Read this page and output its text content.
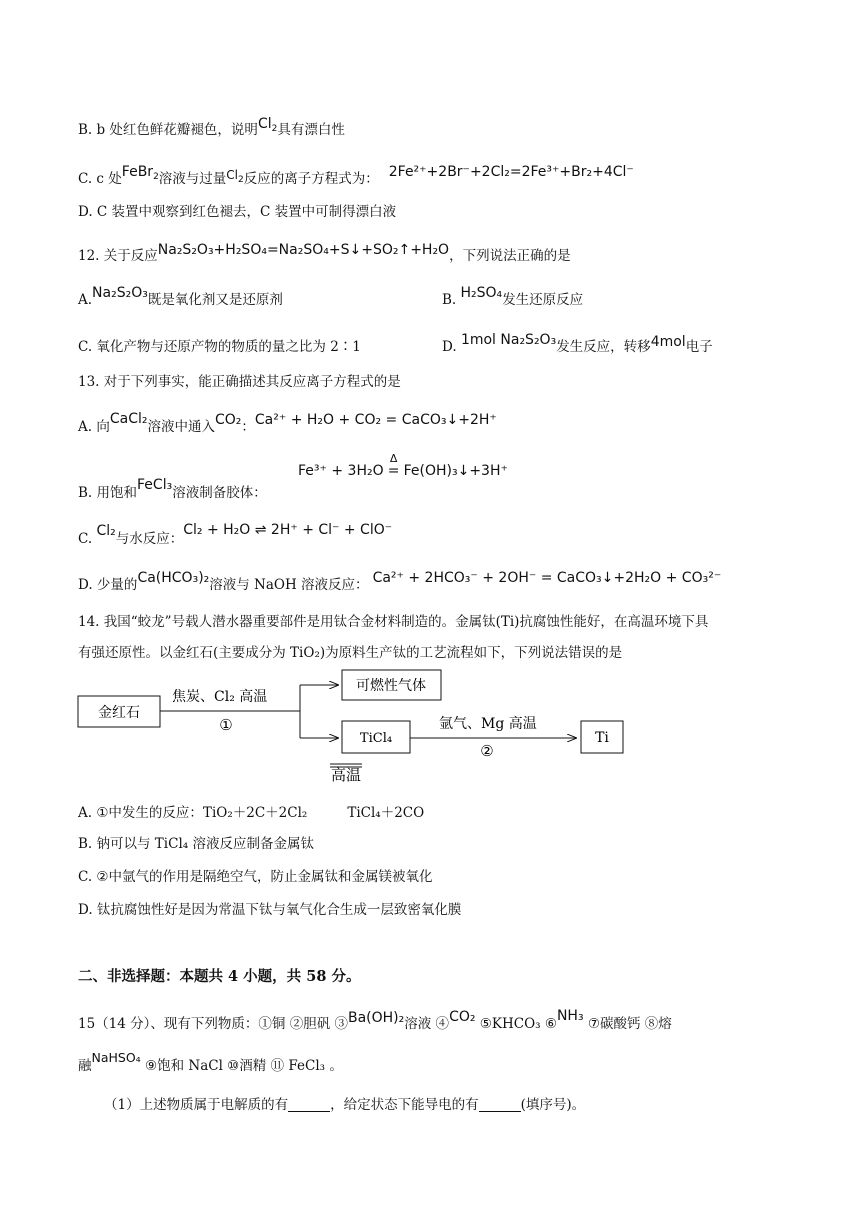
B. b 处红色鲜花瓣褪色，说明$Cl_2$具有漂白性
C. c 处FeBr$_2$溶液与过量$Cl_2$反应的离子方程式为： 2Fe²⁺+2Br⁻+2Cl₂=2Fe³⁺+Br₂+4Cl⁻
D. C 装置中观察到红色褪去，C 装置中可制得漂白液
12. 关于反应Na₂S₂O₃+H₂SO₄=Na₂SO₄+S↓+SO₂↑+H₂O，下列说法正确的是
A.Na₂S₂O₃既是氧化剂又是还原剂	B. H₂SO₄发生还原反应
C. 氧化产物与还原产物的物质的量之比为 2∶1	D. 1mol Na₂S₂O₃发生反应，转移4mol电子
13. 对于下列事实，能正确描述其反应离子方程式的是
A. 向CaCl₂溶液中通入CO₂：Ca²⁺ + H₂O + CO₂ = CaCO₃↓+2H⁺
B. 用饱和FeCl₃溶液制备胶体：
Fe³⁺ + 3H₂O
Δ
= Fe(OH)₃↓+3H⁺
C. Cl₂与水反应：Cl₂ + H₂O ⇌ 2H⁺ + Cl⁻ + ClO⁻
D. 少量的Ca(HCO₃)₂溶液与 NaOH 溶液反应： Ca²⁺ + 2HCO₃⁻ + 2OH⁻ = CaCO₃↓+2H₂O + CO₃²⁻
14. 我国“蛟龙”号载人潜水器重要部件是用钛合金材料制造的。金属钛(Ti)抗腐蚀性能好，在高温环境下具
有强还原性。以金红石(主要成分为 TiO₂)为原料生产钛的工艺流程如下，下列说法错误的是
金红石
焦炭、Cl₂ 高温
①
可燃性气体
TiCl₄
氩气、Mg 高温
②
Ti
高温
A. ①中发生的反应：TiO₂＋2C＋2Cl₂	TiCl₄＋2CO
B. 钠可以与 TiCl₄ 溶液反应制备金属钛
C. ②中氩气的作用是隔绝空气，防止金属钛和金属镁被氧化
D. 钛抗腐蚀性好是因为常温下钛与氧气化合生成一层致密氧化膜
二、非选择题：本题共 4 小题，共 58 分。
15（14 分）、现有下列物质：①铜 ②胆矾 ③Ba(OH)₂溶液 ④CO₂ ⑤KHCO₃ ⑥NH₃ ⑦碳酸钙 ⑧熔
融NaHSO₄ ⑨饱和 NaCl ⑩酒精 ⑪ FeCl₃ 。
（1）上述物质属于电解质的有	，给定状态下能导电的有	(填序号)。
